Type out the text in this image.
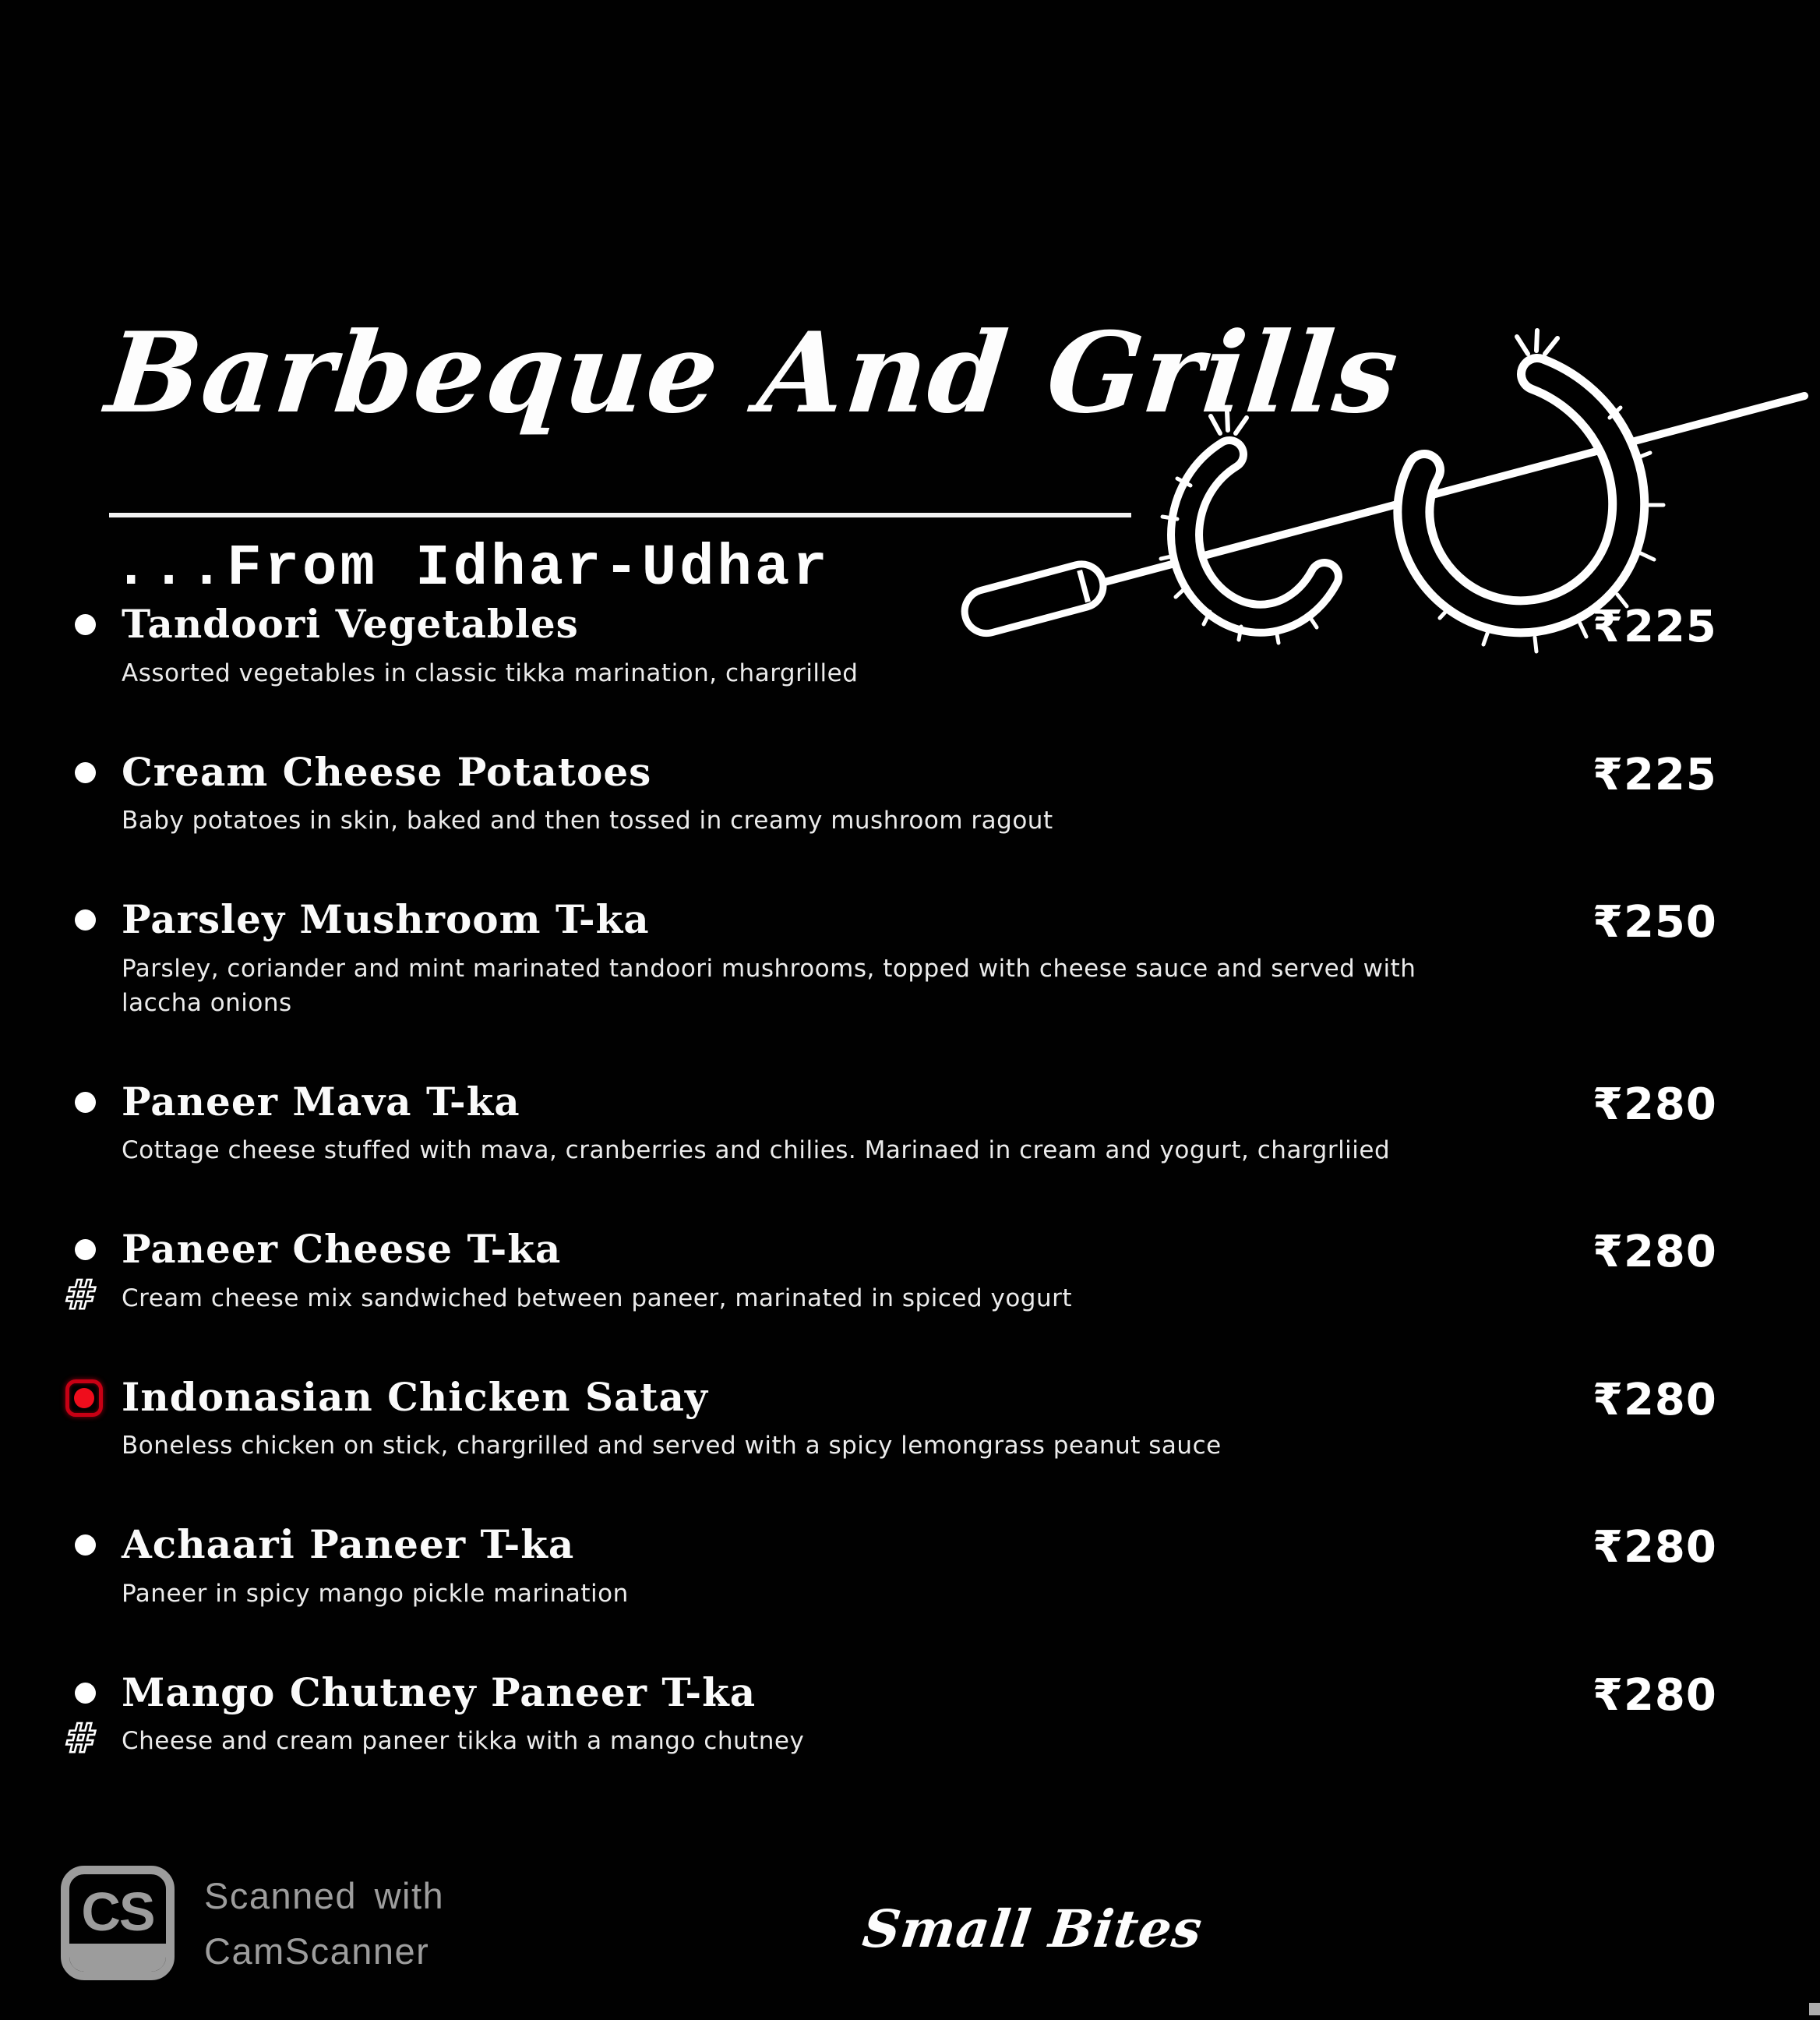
Barbeque And Grills
...From Idhar-Udhar
Tandoori Vegetables
Assorted vegetables in classic tikka marination, chargrilled
₹225
Cream Cheese Potatoes
Baby potatoes in skin, baked and then tossed in creamy mushroom ragout
₹225
Parsley Mushroom T-ka
Parsley, coriander and mint marinated tandoori mushrooms, topped with cheese sauce and served with laccha onions
₹250
Paneer Mava T-ka
Cottage cheese stuffed with mava, cranberries and chilies. Marinaed in cream and yogurt, chargrliied
₹280
#
Paneer Cheese T-ka
Cream cheese mix sandwiched between paneer, marinated in spiced yogurt
₹280
Indonasian Chicken Satay
Boneless chicken on stick, chargrilled and served with a spicy lemongrass peanut sauce
₹280
Achaari Paneer T-ka
Paneer in spicy mango pickle marination
₹280
#
Mango Chutney Paneer T-ka
Cheese and cream paneer tikka with a mango chutney
₹280
CS	Scanned with
CamScanner	Small Bites
